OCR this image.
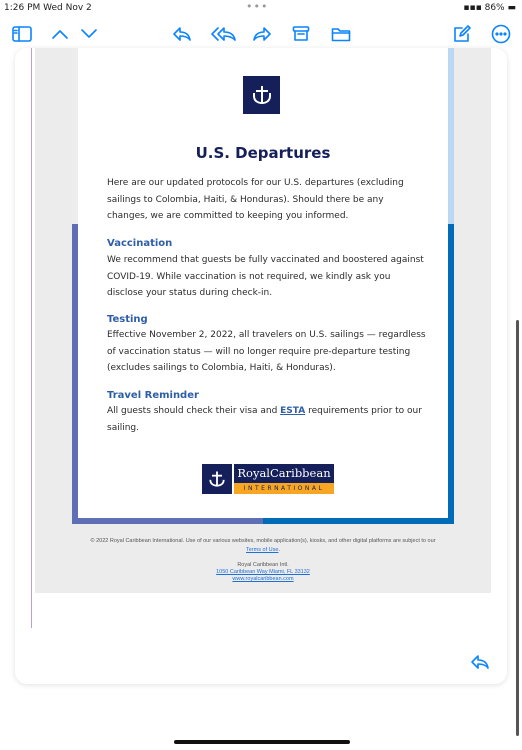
1:26 PM Wed Nov 2	•••	▪▪▪ 86% ▬
U.S. Departures
Here are our updated protocols for our U.S. departures (excluding sailings to Colombia, Haiti, & Honduras). Should there be any changes, we are committed to keeping you informed.
Vaccination
We recommend that guests be fully vaccinated and boostered against COVID-19. While vaccination is not required, we kindly ask you disclose your status during check-in.
Testing
Effective November 2, 2022, all travelers on U.S. sailings — regardless of vaccination status — will no longer require pre-departure testing (excludes sailings to Colombia, Haiti, & Honduras).
Travel Reminder
All guests should check their visa and ESTA requirements prior to our sailing.
RoyalCaribbean
INTERNATIONAL
© 2022 Royal Caribbean International. Use of our various websites, mobile application(s), kiosks, and other digital platforms are subject to our Terms of Use.
Royal Caribbean Intl.
1050 Caribbean Way Miami, FL 33132
www.royalcaribbean.com
